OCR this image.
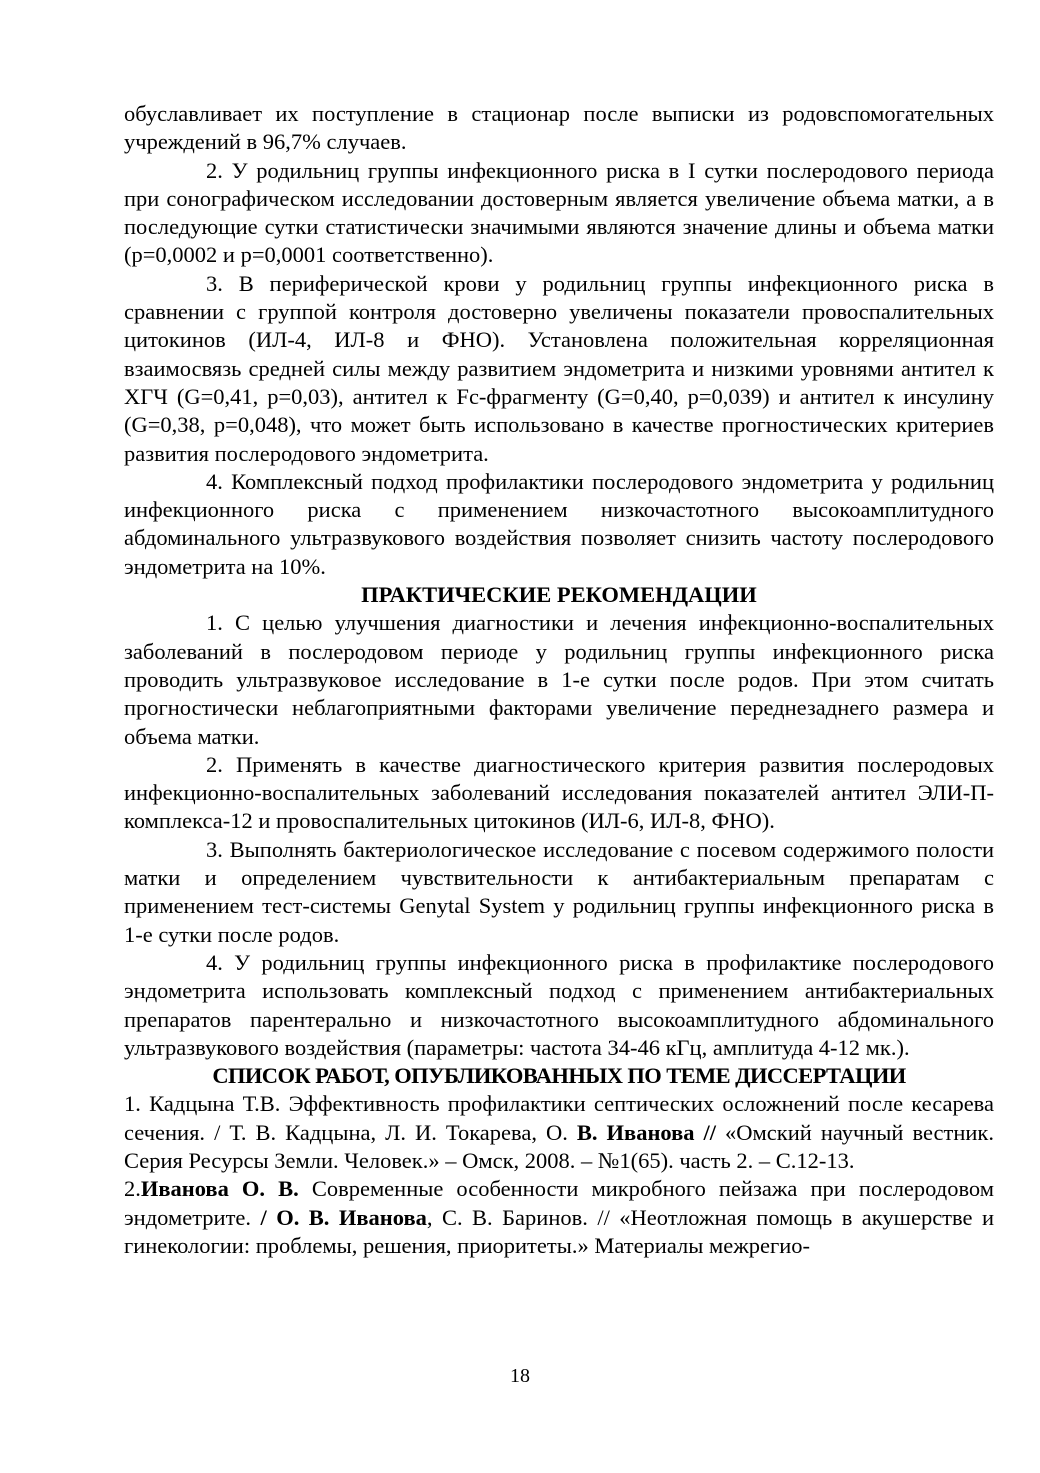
обуславливает их поступление в стационар после выписки из родовспомогательных учреждений в 96,7% случаев.

2. У родильниц группы инфекционного риска в I сутки послеродового периода при сонографическом исследовании достоверным является увеличение объема матки, а в последующие сутки статистически значимыми являются значение длины и объема матки (p=0,0002 и p=0,0001 соответственно).

3. В периферической крови у родильниц группы инфекционного риска в сравнении с группой контроля достоверно увеличены показатели провоспалительных цитокинов (ИЛ-4, ИЛ-8 и ФНО). Установлена положительная корреляционная взаимосвязь средней силы между развитием эндометрита и низкими уровнями антител к ХГЧ (G=0,41, p=0,03), антител к Fc-фрагменту (G=0,40, p=0,039) и антител к инсулину (G=0,38, p=0,048), что может быть использовано в качестве прогностических критериев развития послеродового эндометрита.

4. Комплексный подход профилактики послеродового эндометрита у родильниц инфекционного риска с применением низкочастотного высокоамплитудного абдоминального ультразвукового воздействия позволяет снизить частоту послеродового эндометрита на 10%.

ПРАКТИЧЕСКИЕ РЕКОМЕНДАЦИИ

1. С целью улучшения диагностики и лечения инфекционно-воспалительных заболеваний в послеродовом периоде у родильниц группы инфекционного риска проводить ультразвуковое исследование в 1-е сутки после родов. При этом считать прогностически неблагоприятными факторами увеличение переднезаднего размера и объема матки.

2. Применять в качестве диагностического критерия развития послеродовых инфекционно-воспалительных заболеваний исследования показателей антител ЭЛИ-П-комплекса-12 и провоспалительных цитокинов (ИЛ-6, ИЛ-8, ФНО).

3. Выполнять бактериологическое исследование с посевом содержимого полости матки и определением чувствительности к антибактериальным препаратам с применением тест-системы Genytal System у родильниц группы инфекционного риска в 1-е сутки после родов.

4. У родильниц группы инфекционного риска в профилактике послеродового эндометрита использовать комплексный подход с применением антибактериальных препаратов парентерально и низкочастотного высокоамплитудного абдоминального ультразвукового воздействия (параметры: частота 34-46 кГц, амплитуда 4-12 мк.).

СПИСОК РАБОТ, ОПУБЛИКОВАННЫХ ПО ТЕМЕ ДИССЕРТАЦИИ

1. Кадцына Т.В. Эффективность профилактики септических осложнений после кесарева сечения. / Т. В. Кадцына, Л. И. Токарева, О. В. Иванова // «Омский научный вестник. Серия Ресурсы Земли. Человек.» – Омск, 2008. – №1(65). часть 2. – С.12-13.

2.Иванова О. В. Современные особенности микробного пейзажа при послеродовом эндометрите. / О. В. Иванова, С. В. Баринов. // «Неотложная помощь в акушерстве и гинекологии: проблемы, решения, приоритеты.» Материалы межрегио-

18
